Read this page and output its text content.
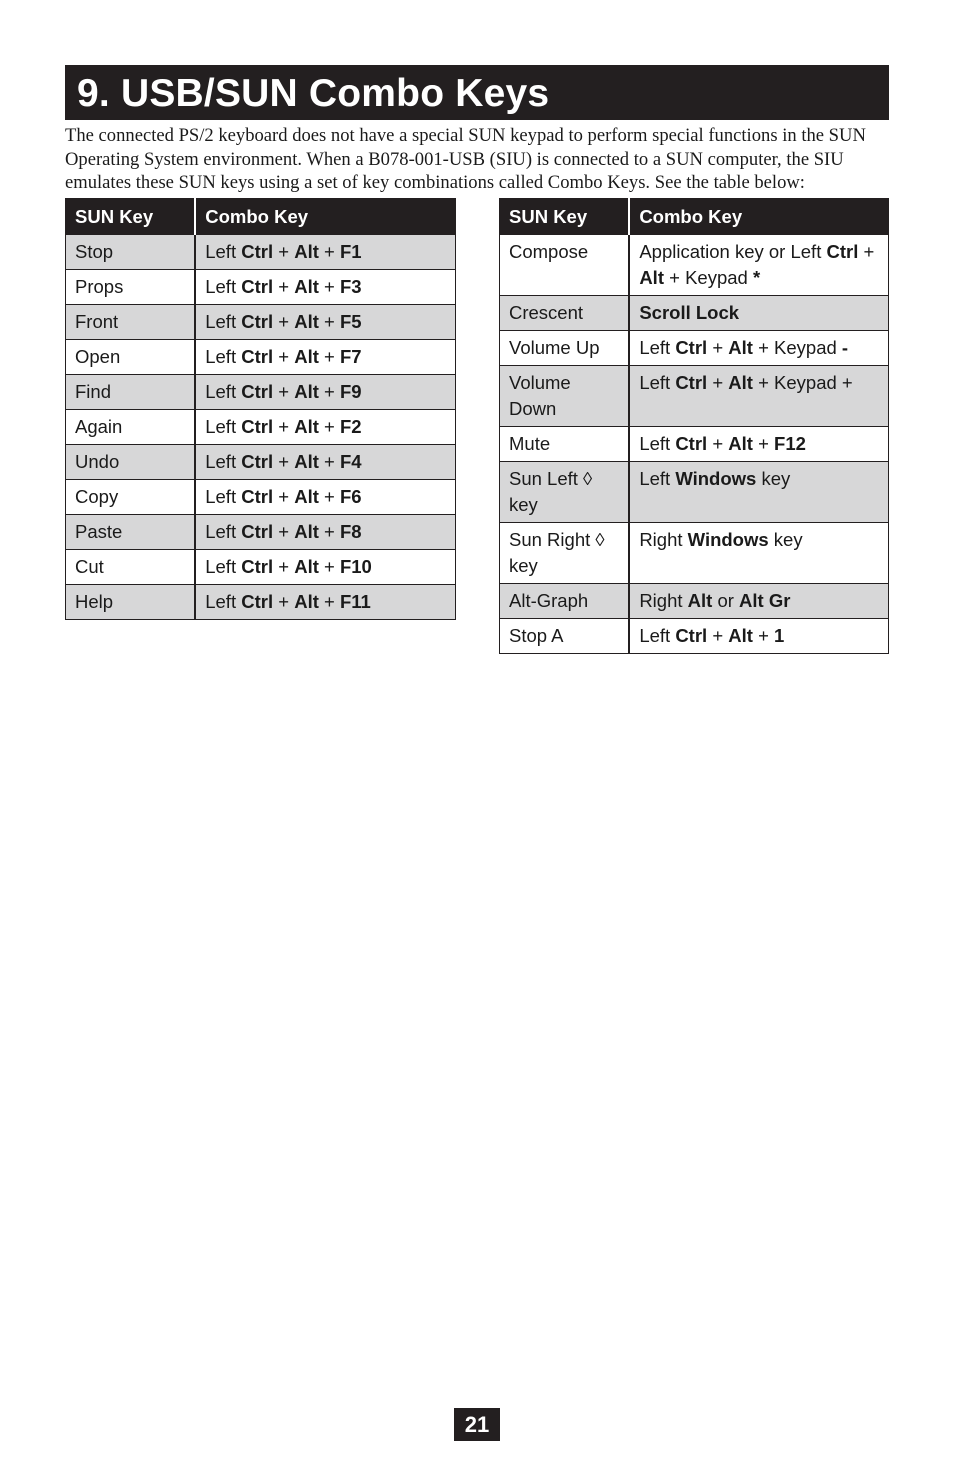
9. USB/SUN Combo Keys

The connected PS/2 keyboard does not have a special SUN keypad to perform special functions in the SUN Operating System environment. When a B078-001-USB (SIU) is connected to a SUN computer, the SIU emulates these SUN keys using a set of key combinations called Combo Keys. See the table below:

SUN Key	Combo Key
Stop	Left Ctrl + Alt + F1
Props	Left Ctrl + Alt + F3
Front	Left Ctrl + Alt + F5
Open	Left Ctrl + Alt + F7
Find	Left Ctrl + Alt + F9
Again	Left Ctrl + Alt + F2
Undo	Left Ctrl + Alt + F4
Copy	Left Ctrl + Alt + F6
Paste	Left Ctrl + Alt + F8
Cut	Left Ctrl + Alt + F10
Help	Left Ctrl + Alt + F11
SUN Key	Combo Key
Compose	Application key or Left Ctrl + Alt + Keypad *
Crescent	Scroll Lock
Volume Up	Left Ctrl + Alt + Keypad -
Volume Down	Left Ctrl + Alt + Keypad +
Mute	Left Ctrl + Alt + F12
Sun Left ◊ key	Left Windows key
Sun Right ◊ key	Right Windows key
Alt-Graph	Right Alt or Alt Gr
Stop A	Left Ctrl + Alt + 1
21
